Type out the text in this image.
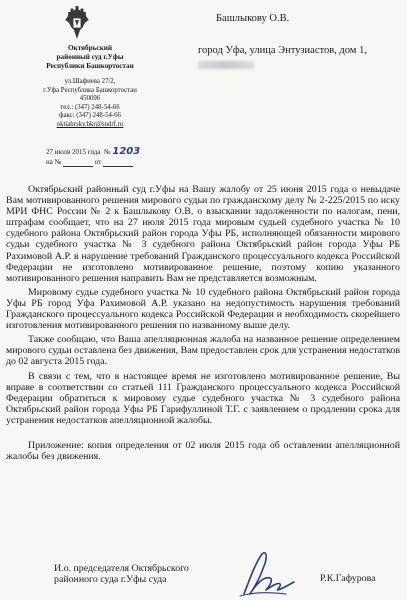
Октябрьский
районный суд г.Уфы
Республики Башкортостан
ул.Шафиева 27/2,
г.Уфа Республика Башкортостан
450096
тел.: (347) 248-54-66
факс: (347) 248-54-66
oktiabrsky.bkr@sudrf.ru
27 июля 2015 года № 1203
на №	от
Башлыкову О.В.
город Уфа, улица Энтузиастов, дом 1,

Октябрьский районный суд г.Уфы на Вашу жалобу от 25 июня 2015 года о невыдаче Вам мотивированного решения мирового судьи по гражданскому делу № 2-225/2015 по иску МРИ ФНС России № 2 к Башлыкову О.В. о взыскании задолженности по налогам, пени, штрафам сообщает, что на 27 июля 2015 года мировым судьей судебного участка № 10 судебного района Октябрьский район города Уфы РБ, исполняющей обязанности мирового судьи судебного участка № 3 судебного района Октябрьский район города Уфы РБ Рахимовой А.Р. в нарушение требований Гражданского процессуального кодекса Российской Федерации не изготовлено мотивированное решение, поэтому копию указанного мотивированного решения направить Вам не представляется возможным.

Мировому судье судебного участка № 10 судебного района Октябрьский район города Уфы РБ город Уфа Рахимовой А.Р. указано на недопустимость нарушения требований Гражданского процессуального кодекса Российской Федерации и необходимость скорейшего изготовления мотивированного решения по названному выше делу.

Также сообщаю, что Ваша апелляционная жалоба на названное решение определением мирового судьи оставлена без движения, Вам предоставлен срок для устранения недостатков до 02 августа 2015 года.

В связи с тем, что в настоящее время не изготовлено мотивированное решение, Вы вправе в соответствии со статьей 111 Гражданского процессуального кодекса Российской Федерации обратиться к мировому судье судебного участка № 3 судебного района Октябрьский район города Уфы РБ Гарифуллиной Т.Г. с заявлением о продлении срока для устранения недостатков апелляционной жалобы.

Приложение: копия определения от 02 июля 2015 года об оставлении апелляционной жалобы без движения.

И.о. председателя Октябрьского
районного суда г.Уфы суда	Р.К.Гафурова
